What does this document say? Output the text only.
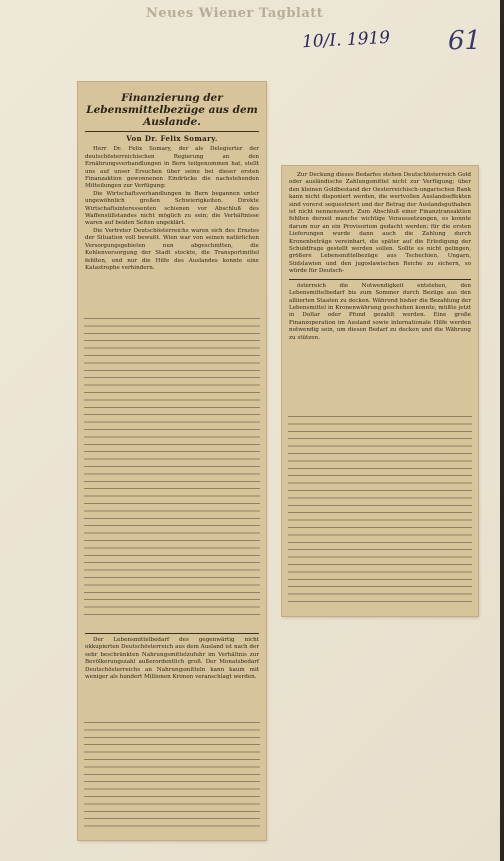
Neues Wiener Tagblatt
10/I. 1919 61
Finanzierung der Lebensmittelbezüge aus dem Auslande.
Von Dr. Felix Somary.

Herr Dr. Felix Somary, der als Delegierter der deutschösterreichischen Regierung an den Ernährungsverhandlungen in Bern teilgenommen hat, stellt uns auf unser Ersuchen über seine bei dieser ersten Finanzaktion gewonnenen Eindrücke die nachstehenden Mitteilungen zur Verfügung:

Die Wirtschaftsverhandlungen in Bern begannen unter ungewöhnlich großen Schwierigkeiten. Direkte Wirtschaftsinteressenten schienen vor Abschluß des Waffenstillstandes nicht möglich zu sein; die Verhältnisse waren auf beiden Seiten ungeklärt.

Die Vertreter Deutschösterreichs waren sich des Ernstes der Situation voll bewußt. Wien war von seinen natürlichen Versorgungsgebieten nun abgeschnitten, die Kohlenversorgung der Stadt stockte, die Transportmittel fehlten, und nur die Hilfe des Auslandes konnte eine Katastrophe verhindern.

Der Lebensmittelbedarf des gegenwärtig nicht okkupierten Deutschösterreich aus dem Ausland ist nach der sehr beschränkten Nahrungsmittelzufuhr im Verhältnis zur Bevölkerungszahl außerordentlich groß. Der Monatsbedarf Deutschösterreichs an Nahrungsmitteln kann kaum mit weniger als hundert Millionen Kronen veranschlagt werden.

Zur Deckung dieses Bedarfes stehen Deutschösterreich Gold oder ausländische Zahlungsmittel nicht zur Verfügung; über den kleinen Goldbestand der Oesterreichisch-ungarischen Bank kann nicht disponiert werden, die wertvollen Auslandseffekten sind vorerst sequestriert und der Betrag der Auslandsguthaben ist nicht nennenswert. Zum Abschluß einer Finanztransaktion fehlten derzeit manche wichtige Voraussetzungen, es konnte darum nur an ein Provisorium gedacht werden; für die ersten Lieferungen wurde dann auch die Zahlung durch Kronenbeträge vereinbart, die später auf die Erledigung der Schuldfrage gestellt werden sollen. Sollte es nicht gelingen, größere Lebensmittelbezüge aus Tschechien, Ungarn, Südslawien und den jugoslawischen Reiche zu sichern, so würde für Deutsch-

österreich die Notwendigkeit entstehen, den Lebensmittelbedarf bis zum Sommer durch Bezüge aus den alliierten Staaten zu decken. Während bisher die Bezahlung der Lebensmittel in Kronenwährung geschehen konnte, müßte jetzt in Dollar oder Pfund gezahlt werden. Eine große Finanzoperation im Ausland sowie internationale Hilfe werden notwendig sein, um diesen Bedarf zu decken und die Währung zu stützen.
